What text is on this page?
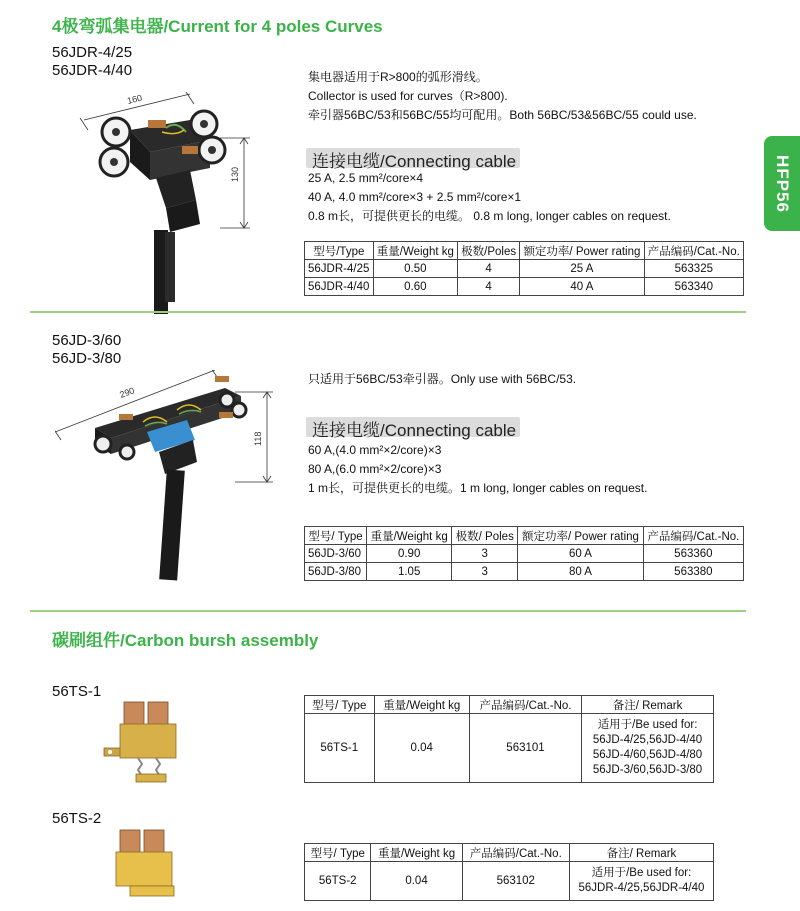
HFP56
4极弯弧集电器/Current for 4 poles Curves
56JDR-4/25
56JDR-4/40
160
130
集电器适用于R>800的弧形滑线。
Collector is used for curves（R>800).
牵引器56BC/53和56BC/55均可配用。Both 56BC/53&56BC/55 could use.
连接电缆/Connecting cable
25 A, 2.5 mm²/core×4
40 A, 4.0 mm²/core×3 + 2.5 mm²/core×1
0.8 m长，可提供更长的电缆。 0.8 m long, longer cables on request.
型号/Type	重量/Weight kg	极数/Poles	额定功率/ Power rating	产品编码/Cat.-No.
56JDR-4/25	0.50	4	25 A	563325
56JDR-4/40	0.60	4	40 A	563340
56JD-3/60
56JD-3/80
290
118
只适用于56BC/53牵引器。Only use with 56BC/53.
连接电缆/Connecting cable
60 A,(4.0 mm²×2/core)×3
80 A,(6.0 mm²×2/core)×3
1 m长，可提供更长的电缆。1 m long, longer cables on request.
型号/ Type	重量/Weight kg	极数/ Poles	额定功率/ Power rating	产品编码/Cat.-No.
56JD-3/60	0.90	3	60 A	563360
56JD-3/80	1.05	3	80 A	563380
碳刷组件/Carbon bursh assembly
56TS-1
型号/ Type	重量/Weight kg	产品编码/Cat.-No.	备注/ Remark
56TS-1	0.04	563101	适用于/Be used for:
56JD-4/25,56JD-4/40
56JD-4/60,56JD-4/80
56JD-3/60,56JD-3/80
56TS-2
型号/ Type	重量/Weight kg	产品编码/Cat.-No.	备注/ Remark
56TS-2	0.04	563102	适用于/Be used for:
56JDR-4/25,56JDR-4/40
